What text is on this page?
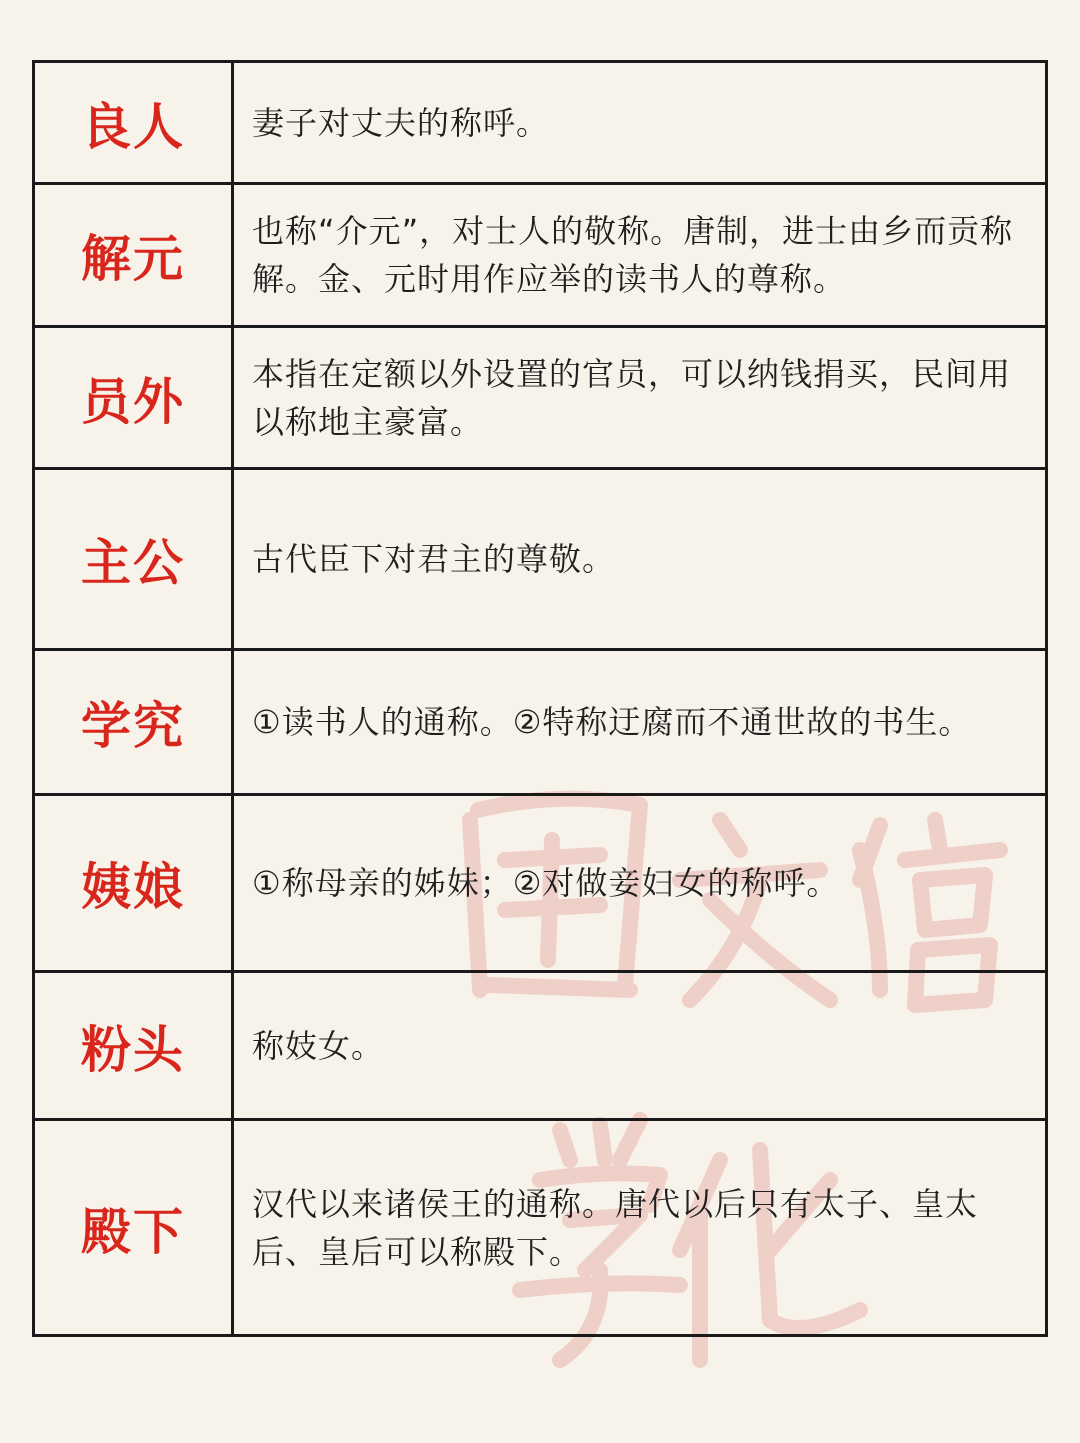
良人	妻子对丈夫的称呼。
解元	也称“介元”，对士人的敬称。唐制，进士由乡而贡称解。金、元时用作应举的读书人的尊称。
员外	本指在定额以外设置的官员，可以纳钱捐买，民间用以称地主豪富。
主公	古代臣下对君主的尊敬。
学究	①读书人的通称。②特称迂腐而不通世故的书生。
姨娘	①称母亲的姊妹；②对做妾妇女的称呼。
粉头	称妓女。
殿下	汉代以来诸侯王的通称。唐代以后只有太子、皇太后、皇后可以称殿下。
